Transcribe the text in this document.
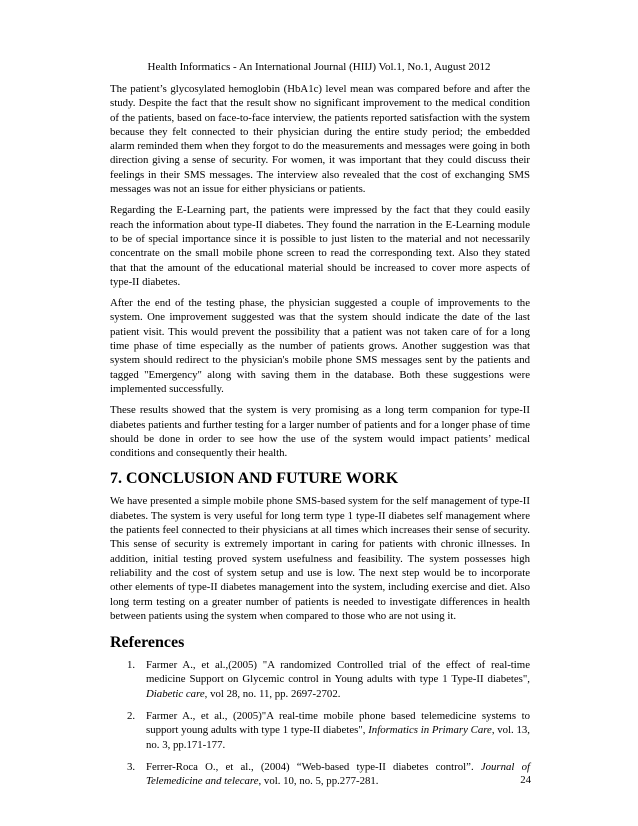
Health Informatics - An International Journal (HIIJ) Vol.1, No.1, August 2012

The patient’s glycosylated hemoglobin (HbA1c) level mean was compared before and after the study. Despite the fact that the result show no significant improvement to the medical condition of the patients, based on face-to-face interview, the patients reported satisfaction with the system because they felt connected to their physician during the entire study period; the embedded alarm reminded them when they forgot to do the measurements and messages were going in both direction giving a sense of security. For women, it was important that they could discuss their feelings in their SMS messages. The interview also revealed that the cost of exchanging SMS messages was not an issue for either physicians or patients.

Regarding the E-Learning part, the patients were impressed by the fact that they could easily reach the information about type-II diabetes. They found the narration in the E-Learning module to be of special importance since it is possible to just listen to the material and not necessarily concentrate on the small mobile phone screen to read the corresponding text. Also they stated that that the amount of the educational material should be increased to cover more aspects of type-II diabetes.

After the end of the testing phase, the physician suggested a couple of improvements to the system. One improvement suggested was that the system should indicate the date of the last patient visit. This would prevent the possibility that a patient was not taken care of for a long time phase of time especially as the number of patients grows. Another suggestion was that system should redirect to the physician's mobile phone SMS messages sent by the patients and tagged "Emergency" along with saving them in the database. Both these suggestions were implemented successfully.

These results showed that the system is very promising as a long term companion for type-II diabetes patients and further testing for a larger number of patients and for a longer phase of time should be done in order to see how the use of the system would impact patients’ medical conditions and consequently their health.

7. CONCLUSION AND FUTURE WORK

We have presented a simple mobile phone SMS-based system for the self management of type-II diabetes. The system is very useful for long term type 1 type-II diabetes self management where the patients feel connected to their physicians at all times which increases their sense of security. This sense of security is extremely important in caring for patients with chronic illnesses. In addition, initial testing proved system usefulness and feasibility. The system possesses high reliability and the cost of system setup and use is low. The next step would be to incorporate other elements of type-II diabetes management into the system, including exercise and diet. Also long term testing on a greater number of patients is needed to investigate differences in health between patients using the system when compared to those who are not using it.

References
1. Farmer A., et al.,(2005) "A randomized Controlled trial of the effect of real-time medicine Support on Glycemic control in Young adults with type 1 Type-II diabetes", Diabetic care, vol 28, no. 11, pp. 2697-2702.
2. Farmer A., et al., (2005)"A real-time mobile phone based telemedicine systems to support young adults with type 1 type-II diabetes", Informatics in Primary Care, vol. 13, no. 3, pp.171-177.
3. Ferrer-Roca O., et al., (2004) “Web-based type-II diabetes control”. Journal of Telemedicine and telecare, vol. 10, no. 5, pp.277-281.	24
